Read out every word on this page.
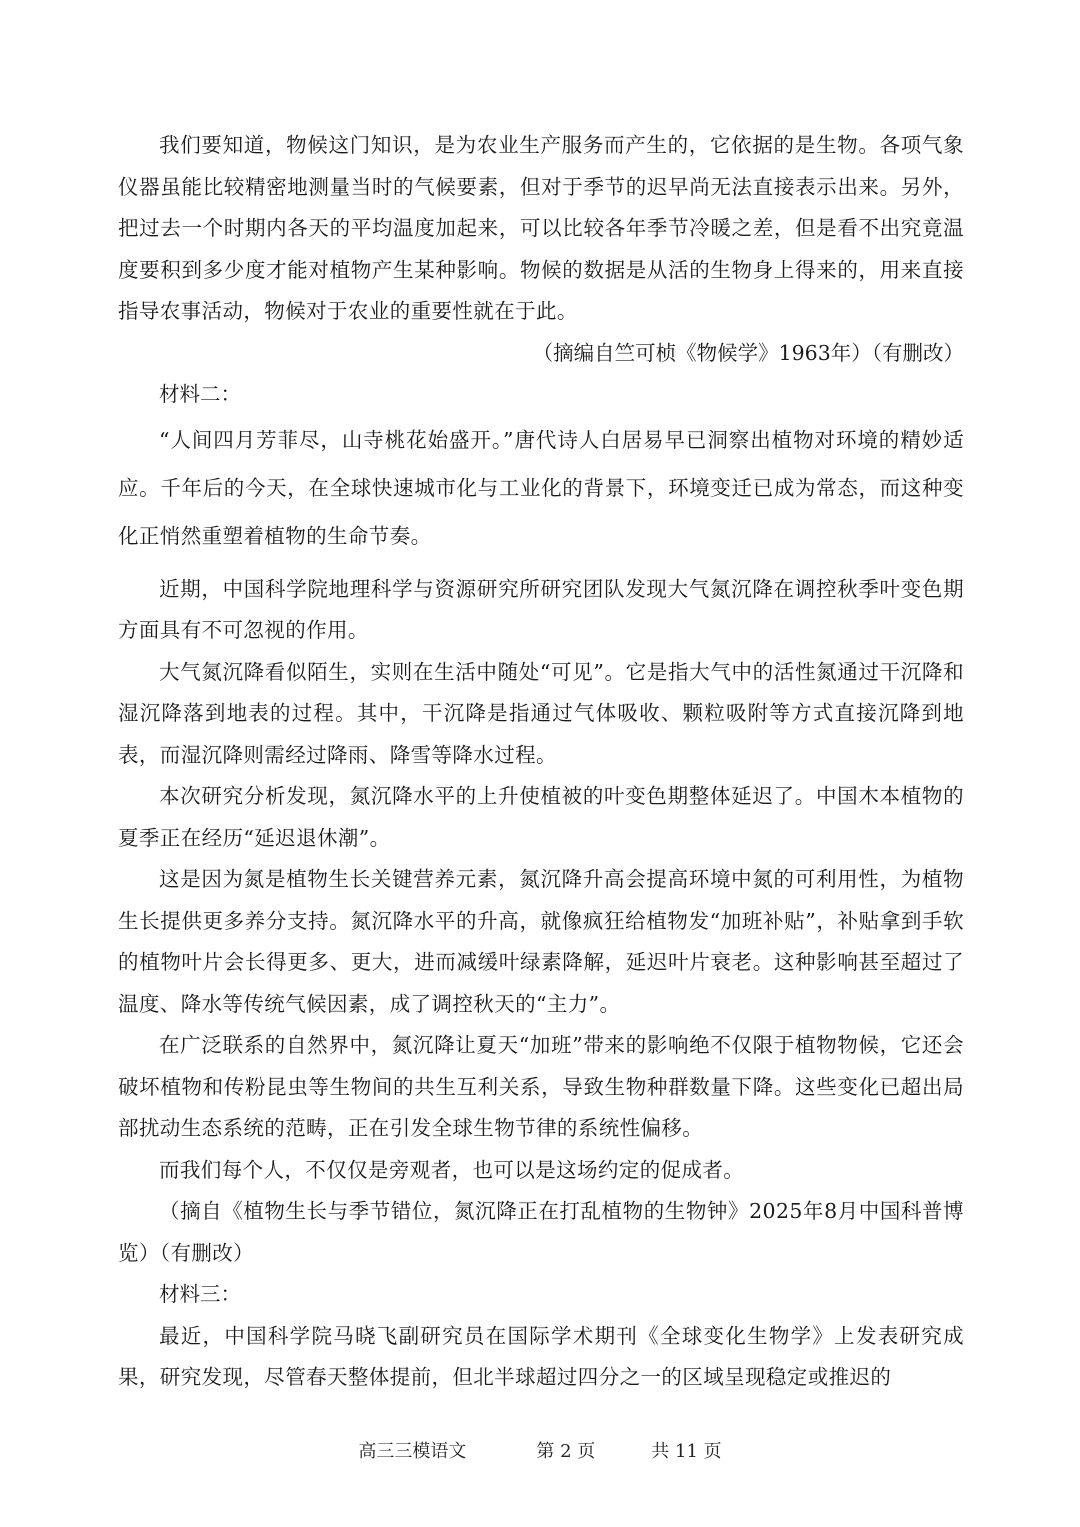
我们要知道，物候这门知识，是为农业生产服务而产生的，它依据的是生物。各项气象仪器虽能比较精密地测量当时的气候要素，但对于季节的迟早尚无法直接表示出来。另外，把过去一个时期内各天的平均温度加起来，可以比较各年季节冷暖之差，但是看不出究竟温度要积到多少度才能对植物产生某种影响。物候的数据是从活的生物身上得来的，用来直接指导农事活动，物候对于农业的重要性就在于此。

（摘编自竺可桢《物候学》1963年）（有删改）

材料二：

“人间四月芳菲尽，山寺桃花始盛开。”唐代诗人白居易早已洞察出植物对环境的精妙适应。千年后的今天，在全球快速城市化与工业化的背景下，环境变迁已成为常态，而这种变化正悄然重塑着植物的生命节奏。

近期，中国科学院地理科学与资源研究所研究团队发现大气氮沉降在调控秋季叶变色期方面具有不可忽视的作用。

大气氮沉降看似陌生，实则在生活中随处“可见”。它是指大气中的活性氮通过干沉降和湿沉降落到地表的过程。其中，干沉降是指通过气体吸收、颗粒吸附等方式直接沉降到地表，而湿沉降则需经过降雨、降雪等降水过程。

本次研究分析发现，氮沉降水平的上升使植被的叶变色期整体延迟了。中国木本植物的夏季正在经历“延迟退休潮”。

这是因为氮是植物生长关键营养元素，氮沉降升高会提高环境中氮的可利用性，为植物生长提供更多养分支持。氮沉降水平的升高，就像疯狂给植物发“加班补贴”，补贴拿到手软的植物叶片会长得更多、更大，进而减缓叶绿素降解，延迟叶片衰老。这种影响甚至超过了温度、降水等传统气候因素，成了调控秋天的“主力”。

在广泛联系的自然界中，氮沉降让夏天“加班”带来的影响绝不仅限于植物物候，它还会破坏植物和传粉昆虫等生物间的共生互利关系，导致生物种群数量下降。这些变化已超出局部扰动生态系统的范畴，正在引发全球生物节律的系统性偏移。

而我们每个人，不仅仅是旁观者，也可以是这场约定的促成者。

（摘自《植物生长与季节错位，氮沉降正在打乱植物的生物钟》2025年8月中国科普博览）（有删改）

材料三：

最近，中国科学院马晓飞副研究员在国际学术期刊《全球变化生物学》上发表研究成果，研究发现，尽管春天整体提前，但北半球超过四分之一的区域呈现稳定或推迟的

高三三模语文	第 2 页	共 11 页
